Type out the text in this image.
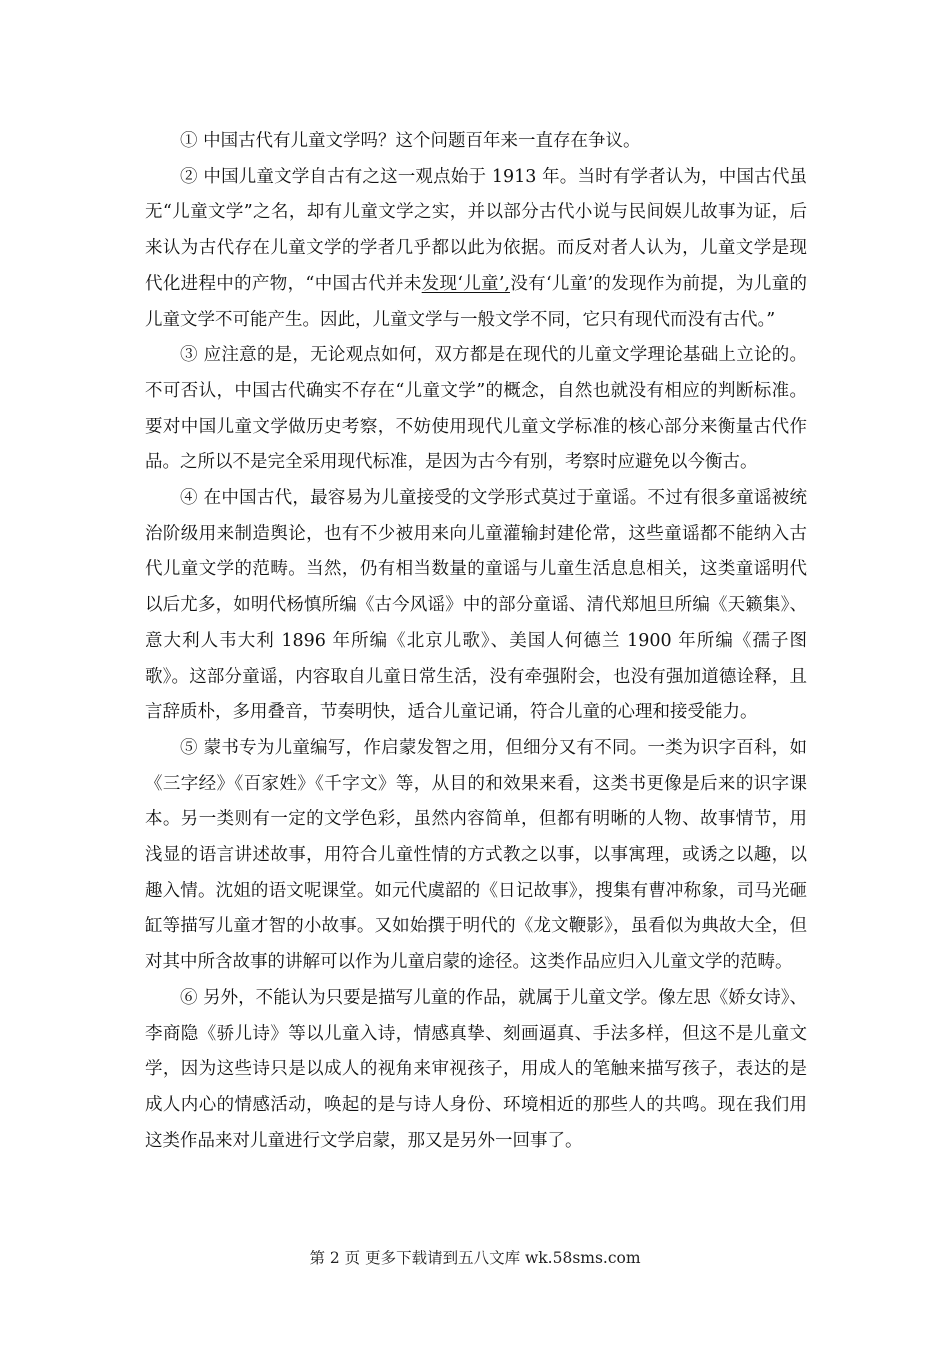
① 中国古代有儿童文学吗？这个问题百年来一直存在争议。

② 中国儿童文学自古有之这一观点始于 1913 年。当时有学者认为，中国古代虽无“儿童文学”之名，却有儿童文学之实，并以部分古代小说与民间娱儿故事为证，后来认为古代存在儿童文学的学者几乎都以此为依据。而反对者人认为，儿童文学是现代化进程中的产物，“中国古代并未发现‘儿童’,没有‘儿童’的发现作为前提，为儿童的儿童文学不可能产生。因此，儿童文学与一般文学不同，它只有现代而没有古代。”

③ 应注意的是，无论观点如何，双方都是在现代的儿童文学理论基础上立论的。不可否认，中国古代确实不存在“儿童文学”的概念，自然也就没有相应的判断标准。要对中国儿童文学做历史考察，不妨使用现代儿童文学标准的核心部分来衡量古代作品。之所以不是完全采用现代标准，是因为古今有别，考察时应避免以今衡古。

④ 在中国古代，最容易为儿童接受的文学形式莫过于童谣。不过有很多童谣被统治阶级用来制造舆论，也有不少被用来向儿童灌输封建伦常，这些童谣都不能纳入古代儿童文学的范畴。当然，仍有相当数量的童谣与儿童生活息息相关，这类童谣明代以后尤多，如明代杨慎所编《古今风谣》中的部分童谣、清代郑旭旦所编《天籁集》、意大利人韦大利 1896 年所编《北京儿歌》、美国人何德兰 1900 年所编《孺子图歌》。这部分童谣，内容取自儿童日常生活，没有牵强附会，也没有强加道德诠释，且言辞质朴，多用叠音，节奏明快，适合儿童记诵，符合儿童的心理和接受能力。

⑤ 蒙书专为儿童编写，作启蒙发智之用，但细分又有不同。一类为识字百科，如《三字经》《百家姓》《千字文》等，从目的和效果来看，这类书更像是后来的识字课本。另一类则有一定的文学色彩，虽然内容简单，但都有明晰的人物、故事情节，用浅显的语言讲述故事，用符合儿童性情的方式教之以事，以事寓理，或诱之以趣，以趣入情。沈姐的语文呢课堂。如元代虞韶的《日记故事》，搜集有曹冲称象，司马光砸缸等描写儿童才智的小故事。又如始撰于明代的《龙文鞭影》，虽看似为典故大全，但对其中所含故事的讲解可以作为儿童启蒙的途径。这类作品应归入儿童文学的范畴。

⑥ 另外，不能认为只要是描写儿童的作品，就属于儿童文学。像左思《娇女诗》、李商隐《骄儿诗》等以儿童入诗，情感真挚、刻画逼真、手法多样，但这不是儿童文学，因为这些诗只是以成人的视角来审视孩子，用成人的笔触来描写孩子，表达的是成人内心的情感活动，唤起的是与诗人身份、环境相近的那些人的共鸣。现在我们用这类作品来对儿童进行文学启蒙，那又是另外一回事了。

第 2 页 更多下载请到五八文库 wk.58sms.com
